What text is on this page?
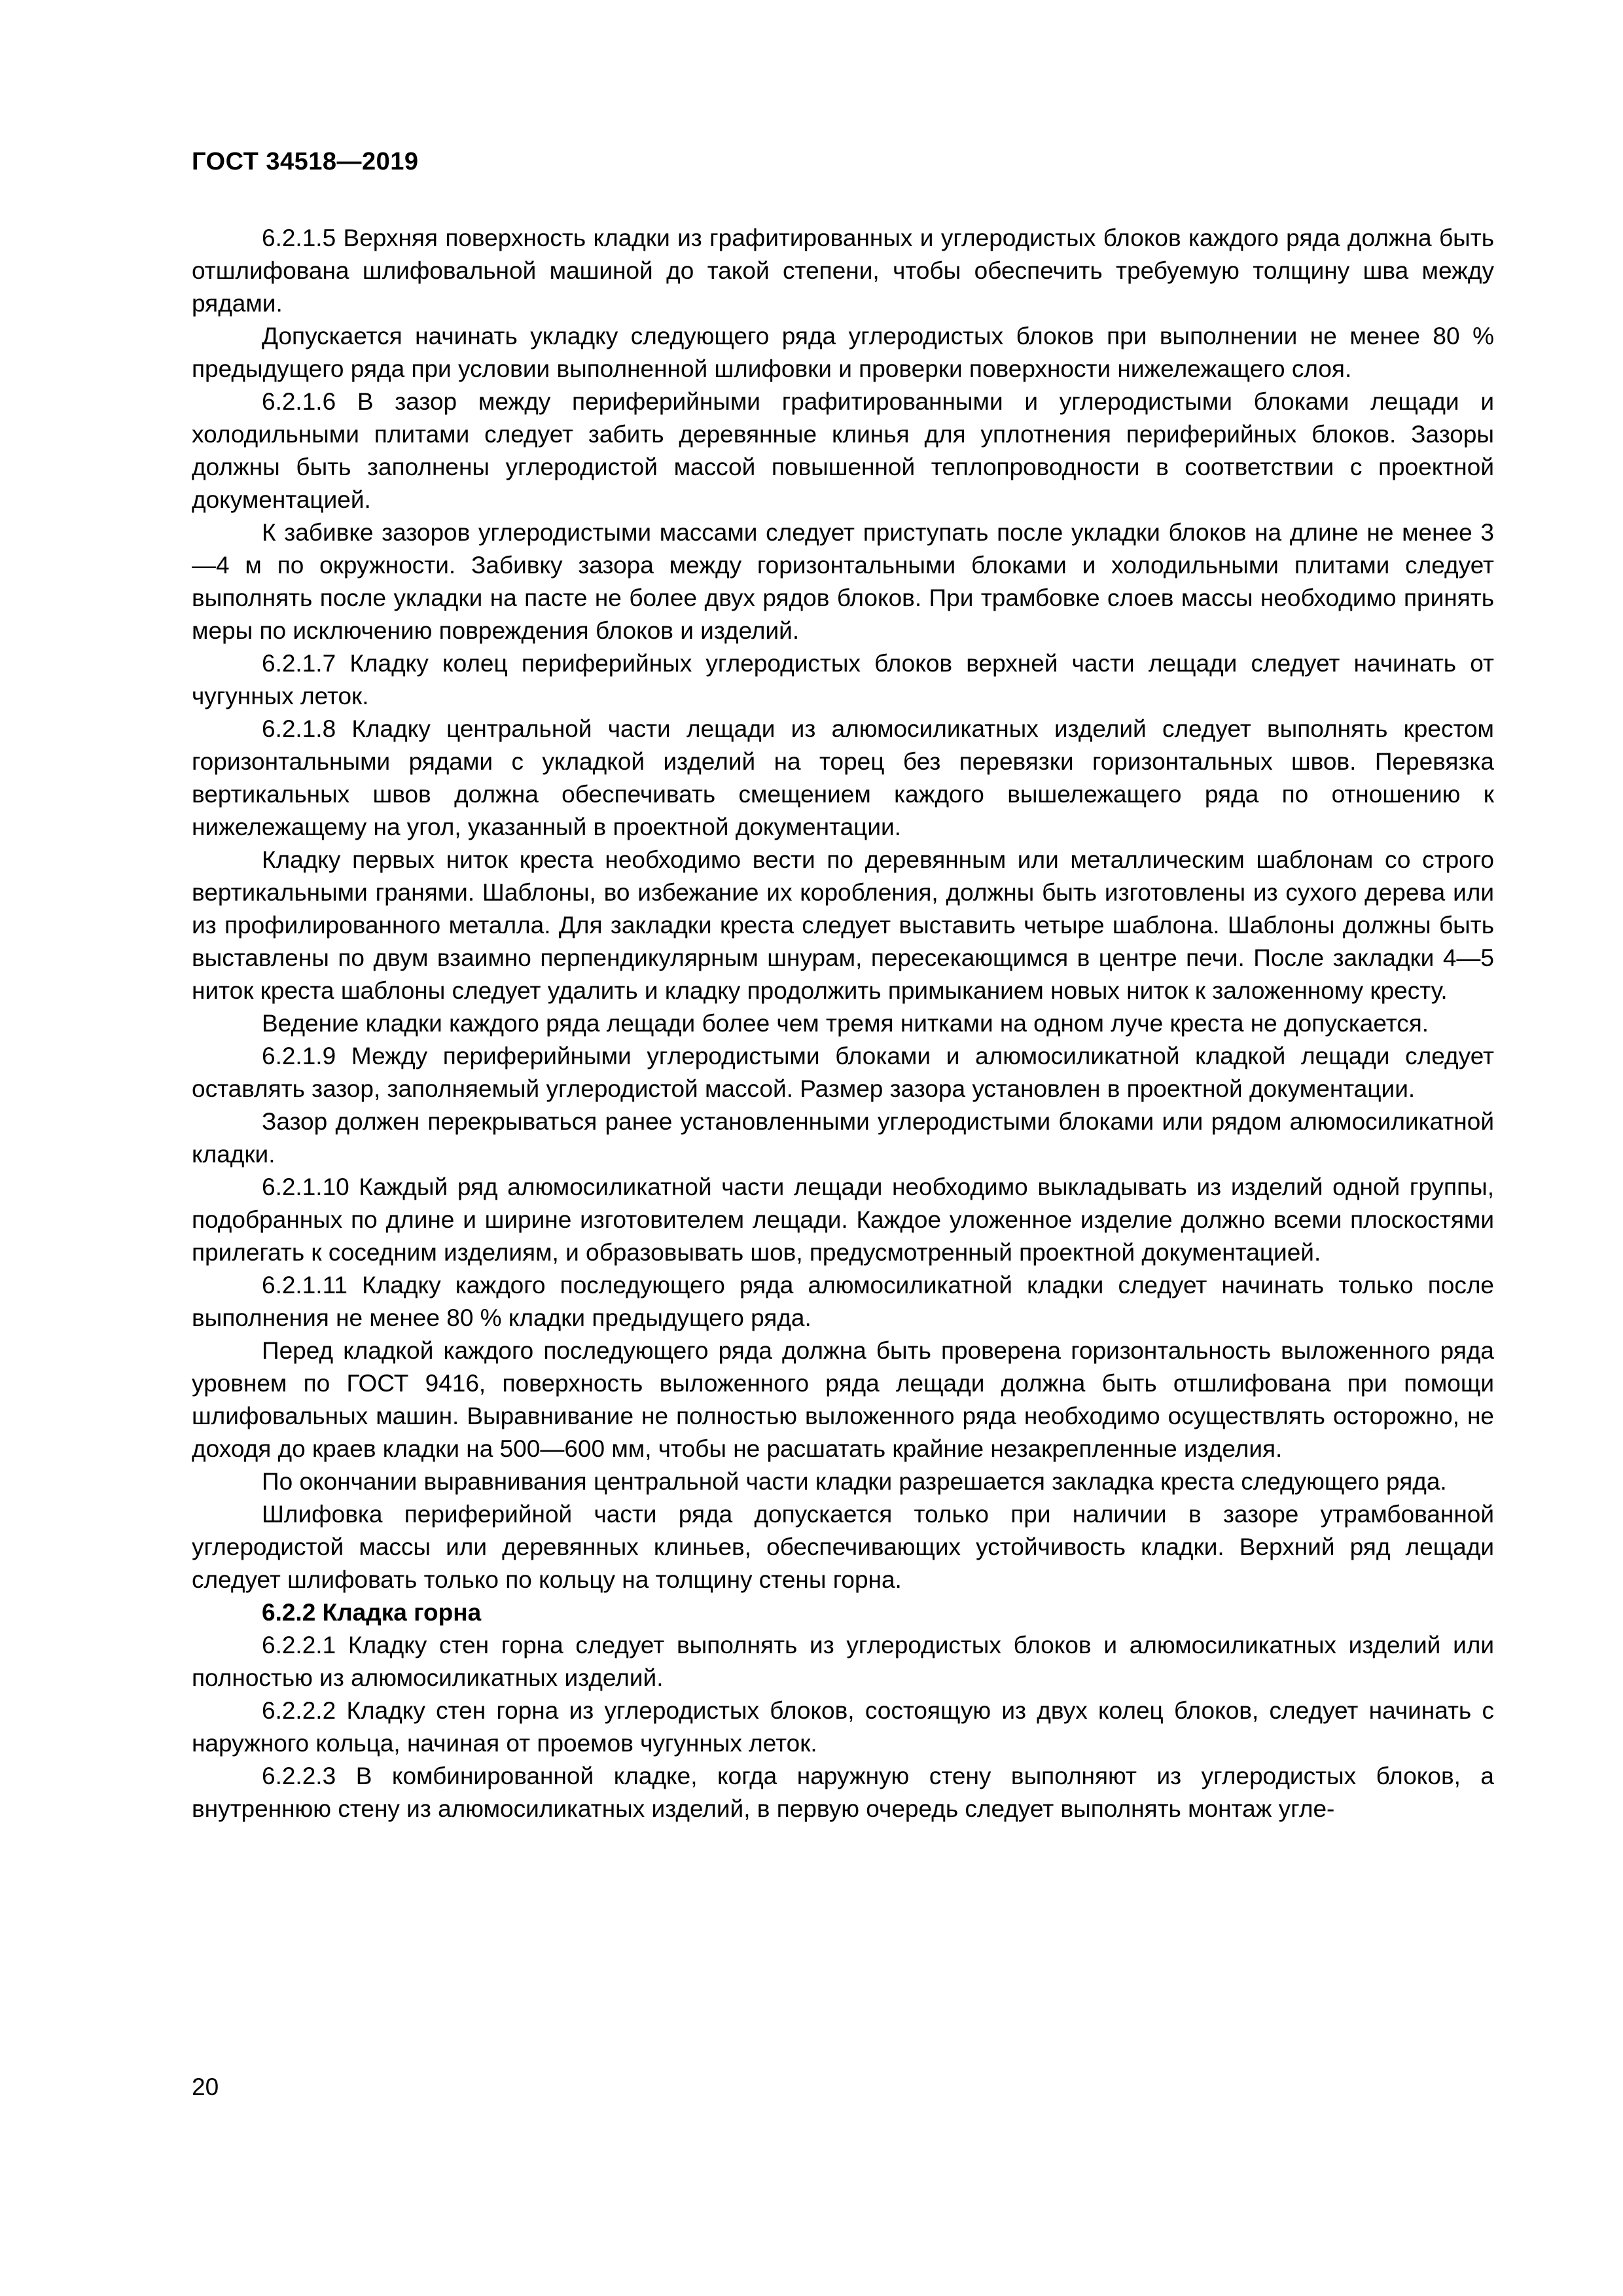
ГОСТ 34518—2019

6.2.1.5 Верхняя поверхность кладки из графитированных и углеродистых блоков каждого ряда должна быть отшлифована шлифовальной машиной до такой степени, чтобы обеспечить требуемую толщину шва между рядами.

Допускается начинать укладку следующего ряда углеродистых блоков при выполнении не менее 80 % предыдущего ряда при условии выполненной шлифовки и проверки поверхности нижележащего слоя.

6.2.1.6 В зазор между периферийными графитированными и углеродистыми блоками лещади и холодильными плитами следует забить деревянные клинья для уплотнения периферийных блоков. Зазоры должны быть заполнены углеродистой массой повышенной теплопроводности в соответствии с проектной документацией.

К забивке зазоров углеродистыми массами следует приступать после укладки блоков на длине не менее 3—4 м по окружности. Забивку зазора между горизонтальными блоками и холодильными плитами следует выполнять после укладки на пасте не более двух рядов блоков. При трамбовке слоев массы необходимо принять меры по исключению повреждения блоков и изделий.

6.2.1.7 Кладку колец периферийных углеродистых блоков верхней части лещади следует начинать от чугунных леток.

6.2.1.8 Кладку центральной части лещади из алюмосиликатных изделий следует выполнять крестом горизонтальными рядами с укладкой изделий на торец без перевязки горизонтальных швов. Перевязка вертикальных швов должна обеспечивать смещением каждого вышележащего ряда по отношению к нижележащему на угол, указанный в проектной документации.

Кладку первых ниток креста необходимо вести по деревянным или металлическим шаблонам со строго вертикальными гранями. Шаблоны, во избежание их коробления, должны быть изготовлены из сухого дерева или из профилированного металла. Для закладки креста следует выставить четыре шаблона. Шаблоны должны быть выставлены по двум взаимно перпендикулярным шнурам, пересекающимся в центре печи. После закладки 4—5 ниток креста шаблоны следует удалить и кладку продолжить примыканием новых ниток к заложенному кресту.

Ведение кладки каждого ряда лещади более чем тремя нитками на одном луче креста не допускается.

6.2.1.9 Между периферийными углеродистыми блоками и алюмосиликатной кладкой лещади следует оставлять зазор, заполняемый углеродистой массой. Размер зазора установлен в проектной документации.

Зазор должен перекрываться ранее установленными углеродистыми блоками или рядом алюмосиликатной кладки.

6.2.1.10 Каждый ряд алюмосиликатной части лещади необходимо выкладывать из изделий одной группы, подобранных по длине и ширине изготовителем лещади. Каждое уложенное изделие должно всеми плоскостями прилегать к соседним изделиям, и образовывать шов, предусмотренный проектной документацией.

6.2.1.11 Кладку каждого последующего ряда алюмосиликатной кладки следует начинать только после выполнения не менее 80 % кладки предыдущего ряда.

Перед кладкой каждого последующего ряда должна быть проверена горизонтальность выложенного ряда уровнем по ГОСТ 9416, поверхность выложенного ряда лещади должна быть отшлифована при помощи шлифовальных машин. Выравнивание не полностью выложенного ряда необходимо осуществлять осторожно, не доходя до краев кладки на 500—600 мм, чтобы не расшатать крайние незакрепленные изделия.

По окончании выравнивания центральной части кладки разрешается закладка креста следующего ряда.

Шлифовка периферийной части ряда допускается только при наличии в зазоре утрамбованной углеродистой массы или деревянных клиньев, обеспечивающих устойчивость кладки. Верхний ряд лещади следует шлифовать только по кольцу на толщину стены горна.

6.2.2 Кладка горна

6.2.2.1 Кладку стен горна следует выполнять из углеродистых блоков и алюмосиликатных изделий или полностью из алюмосиликатных изделий.

6.2.2.2 Кладку стен горна из углеродистых блоков, состоящую из двух колец блоков, следует начинать с наружного кольца, начиная от проемов чугунных леток.

6.2.2.3 В комбинированной кладке, когда наружную стену выполняют из углеродистых блоков, а внутреннюю стену из алюмосиликатных изделий, в первую очередь следует выполнять монтаж угле-

20
